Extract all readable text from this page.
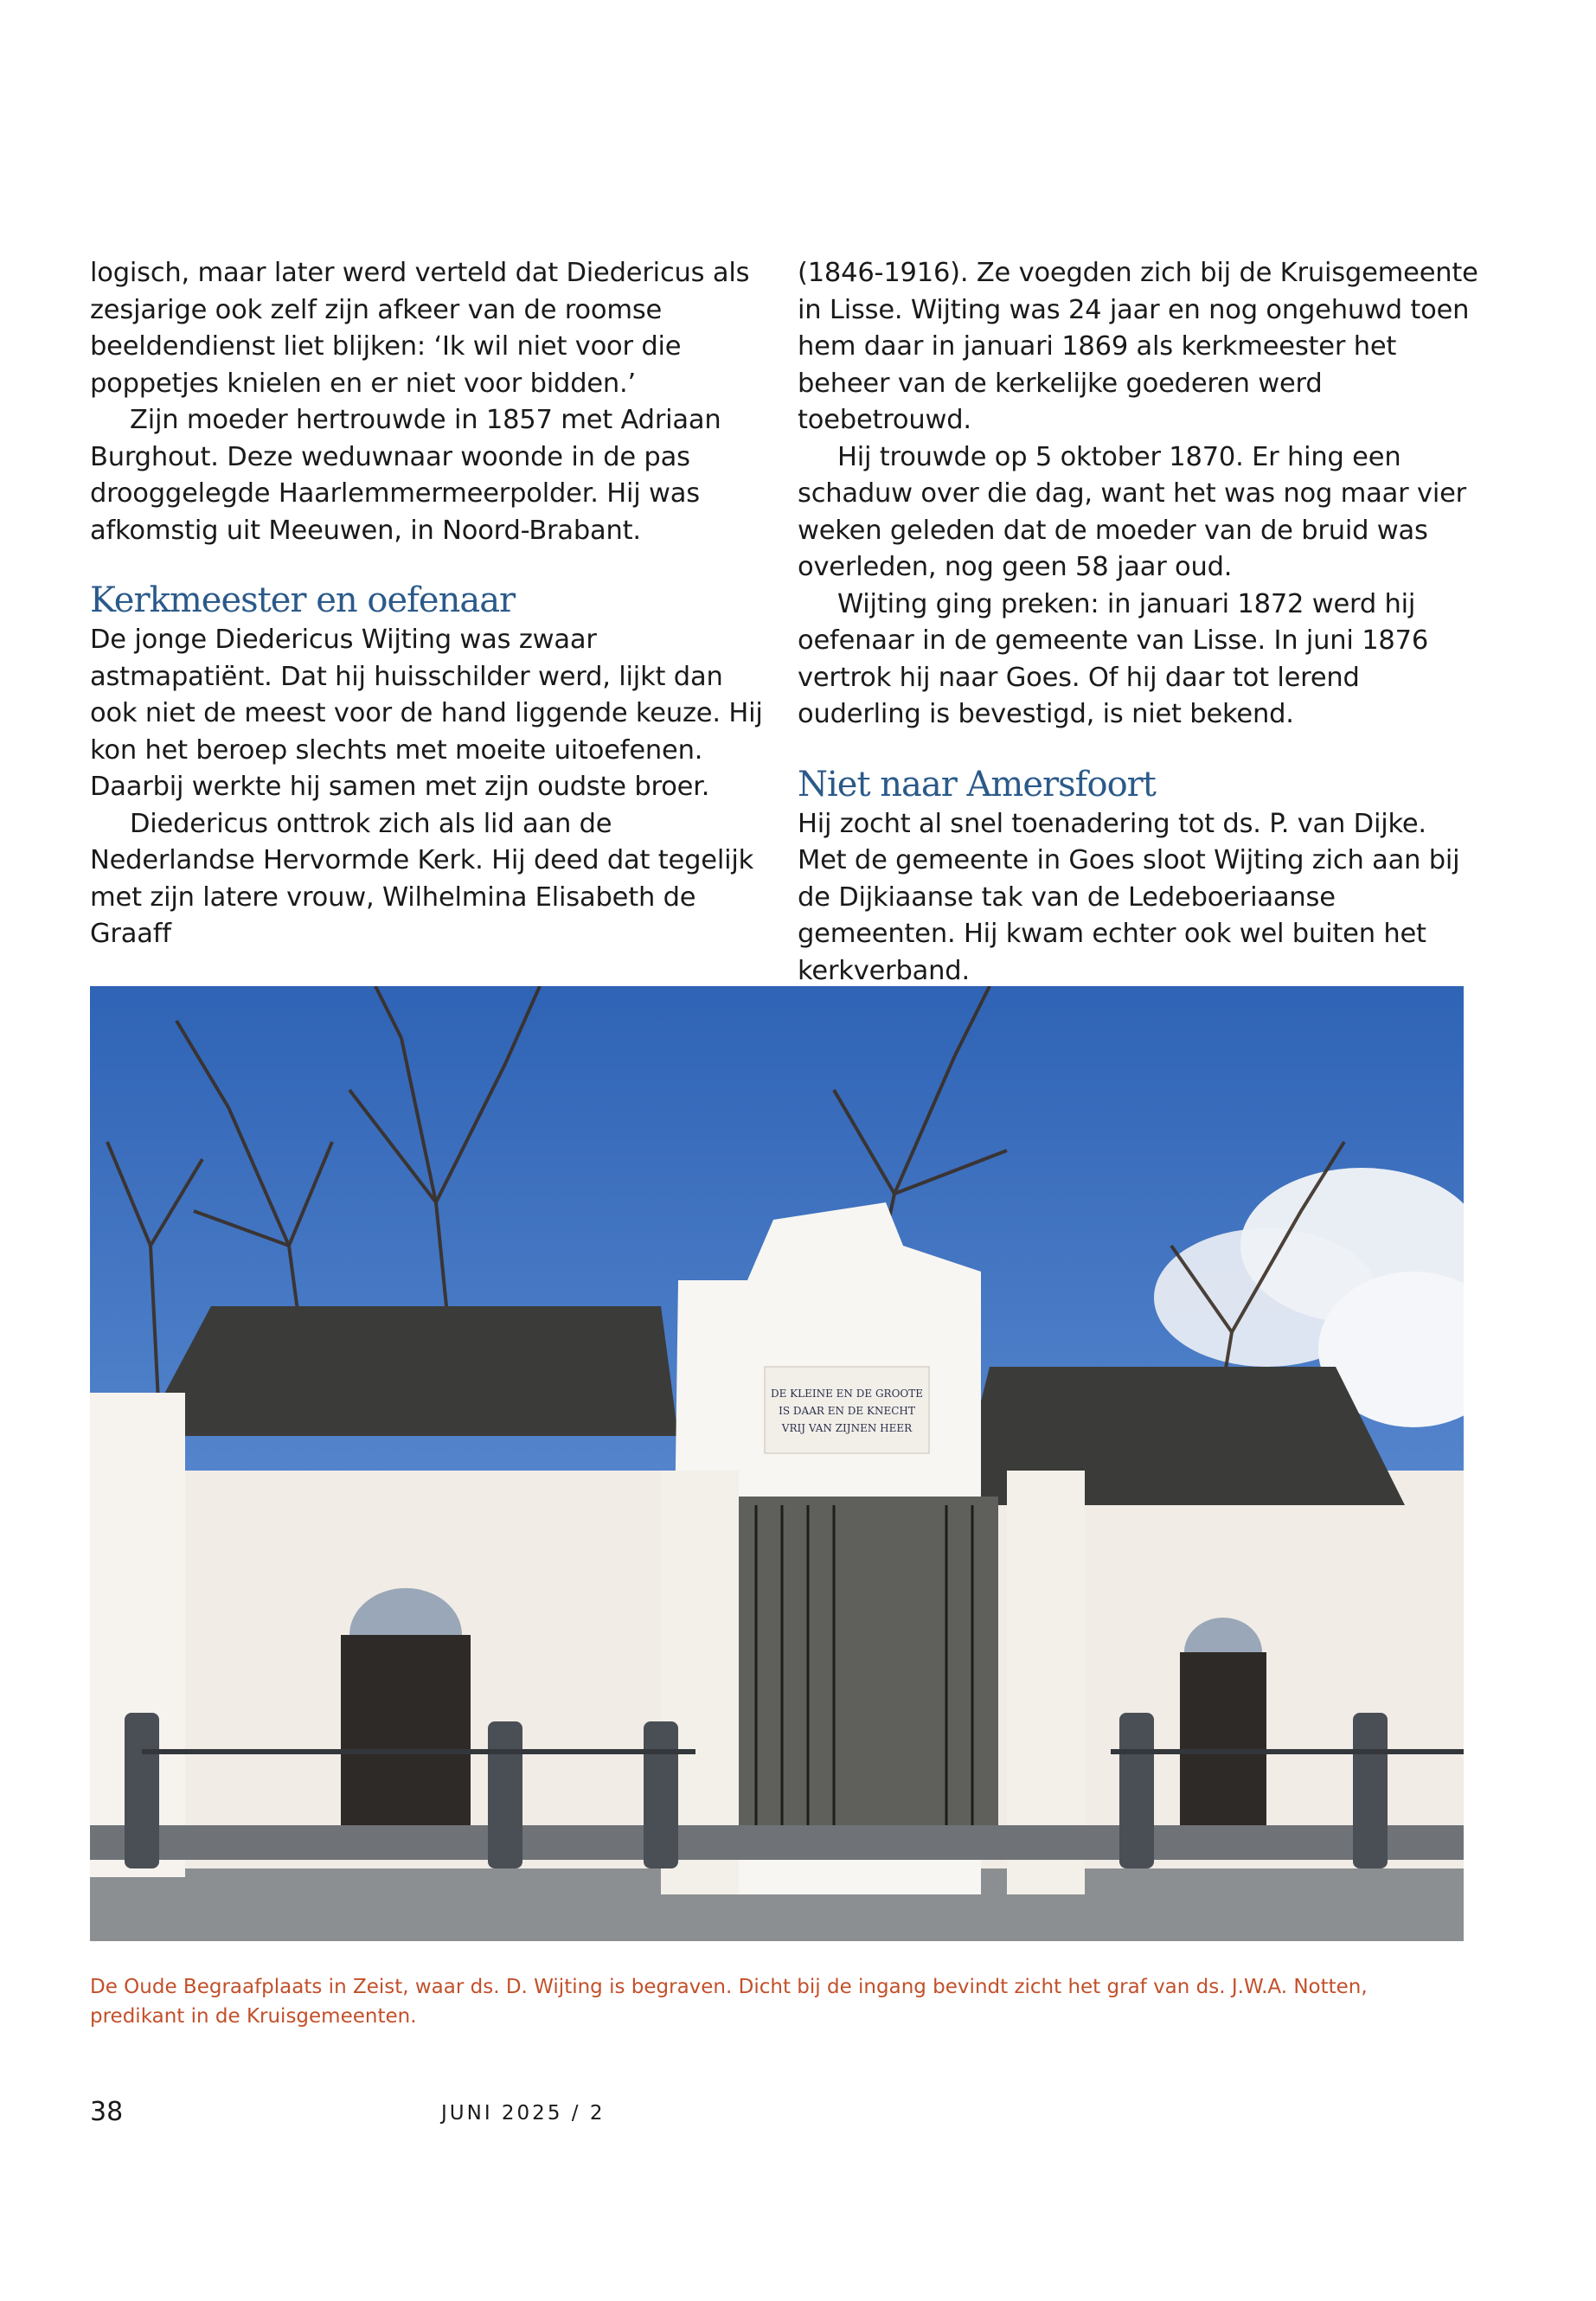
logisch, maar later werd verteld dat Diedericus als zesjarige ook zelf zijn afkeer van de roomse beeldendienst liet blijken: ‘Ik wil niet voor die poppetjes knielen en er niet voor bidden.’

Zijn moeder hertrouwde in 1857 met Adriaan Burghout. Deze weduwnaar woonde in de pas drooggelegde Haarlemmermeerpolder. Hij was afkomstig uit Meeuwen, in Noord-Brabant.

Kerkmeester en oefenaar

De jonge Diedericus Wijting was zwaar astmapatiënt. Dat hij huisschilder werd, lijkt dan ook niet de meest voor de hand liggende keuze. Hij kon het beroep slechts met moeite uitoefenen. Daarbij werkte hij samen met zijn oudste broer.

Diedericus onttrok zich als lid aan de Nederlandse Hervormde Kerk. Hij deed dat tegelijk met zijn latere vrouw, Wilhelmina Elisabeth de Graaff

(1846-1916). Ze voegden zich bij de Kruisgemeente in Lisse. Wijting was 24 jaar en nog ongehuwd toen hem daar in januari 1869 als kerkmeester het beheer van de kerkelijke goederen werd toebetrouwd.

Hij trouwde op 5 oktober 1870. Er hing een schaduw over die dag, want het was nog maar vier weken geleden dat de moeder van de bruid was overleden, nog geen 58 jaar oud.

Wijting ging preken: in januari 1872 werd hij oefenaar in de gemeente van Lisse. In juni 1876 vertrok hij naar Goes. Of hij daar tot lerend ouderling is bevestigd, is niet bekend.

Niet naar Amersfoort

Hij zocht al snel toenadering tot ds. P. van Dijke. Met de gemeente in Goes sloot Wijting zich aan bij de Dijkiaanse tak van de Ledeboeriaanse gemeenten. Hij kwam echter ook wel buiten het kerkverband.

DE KLEINE EN DE GROOTE
IS DAAR EN DE KNECHT
VRIJ VAN ZIJNEN HEER

De Oude Begraafplaats in Zeist, waar ds. D. Wijting is begraven. Dicht bij de ingang bevindt zicht het graf van ds. J.W.A. Notten, predikant in de Kruisgemeenten.

38	JUNI 2025 / 2
